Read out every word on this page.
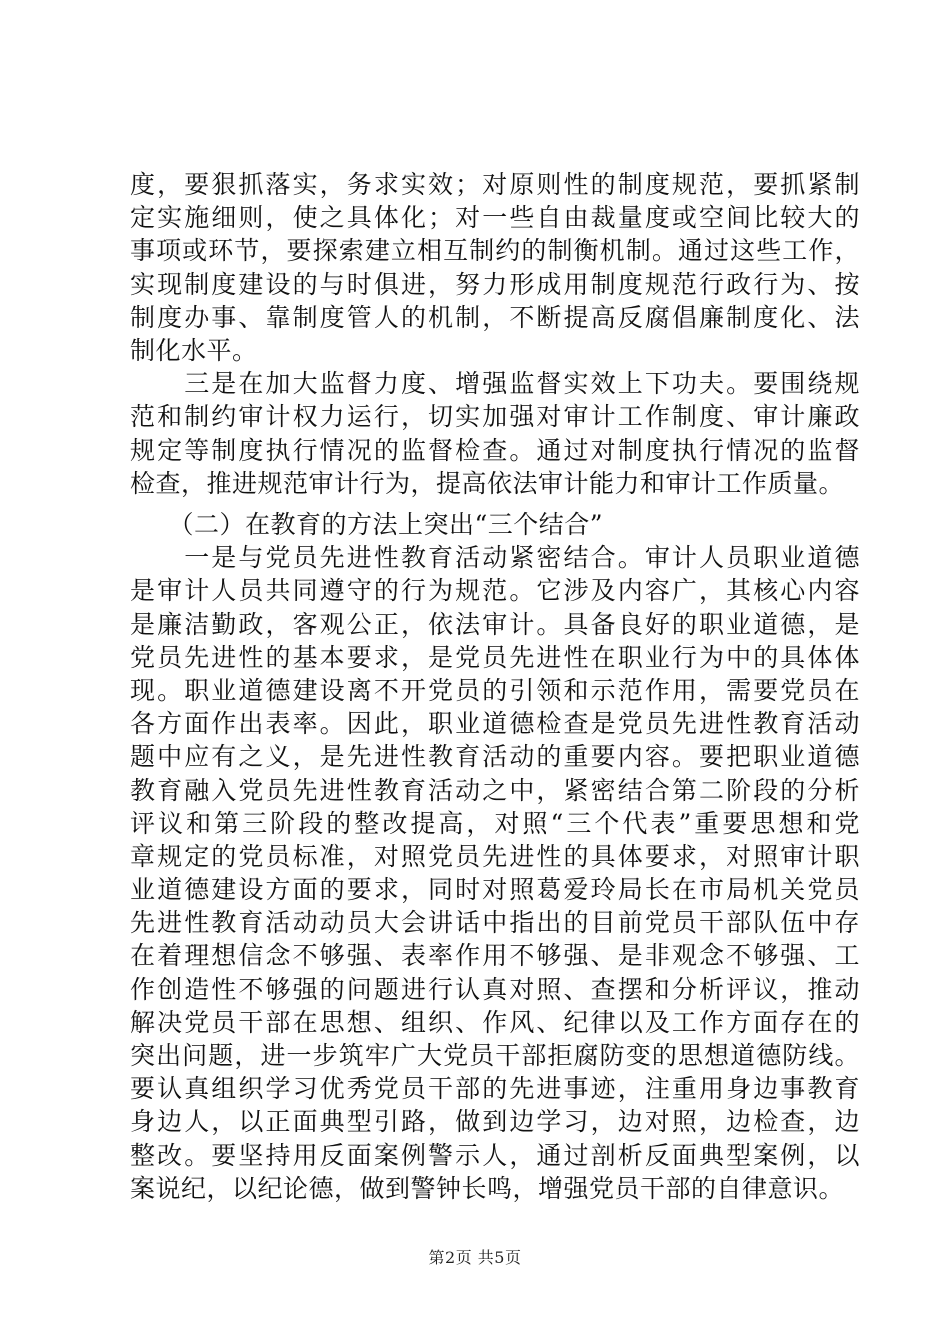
度，要狠抓落实，务求实效；对原则性的制度规范，要抓紧制
定实施细则，使之具体化；对一些自由裁量度或空间比较大的
事项或环节，要探索建立相互制约的制衡机制。通过这些工作，
实现制度建设的与时俱进，努力形成用制度规范行政行为、按
制度办事、靠制度管人的机制，不断提高反腐倡廉制度化、法
制化水平。
　　三是在加大监督力度、增强监督实效上下功夫。要围绕规
范和制约审计权力运行，切实加强对审计工作制度、审计廉政
规定等制度执行情况的监督检查。通过对制度执行情况的监督
检查，推进规范审计行为，提高依法审计能力和审计工作质量。
　　（二）在教育的方法上突出“三个结合”
　　一是与党员先进性教育活动紧密结合。审计人员职业道德
是审计人员共同遵守的行为规范。它涉及内容广，其核心内容
是廉洁勤政，客观公正，依法审计。具备良好的职业道德，是
党员先进性的基本要求，是党员先进性在职业行为中的具体体
现。职业道德建设离不开党员的引领和示范作用，需要党员在
各方面作出表率。因此，职业道德检查是党员先进性教育活动
题中应有之义，是先进性教育活动的重要内容。要把职业道德
教育融入党员先进性教育活动之中，紧密结合第二阶段的分析
评议和第三阶段的整改提高，对照“三个代表”重要思想和党
章规定的党员标准，对照党员先进性的具体要求，对照审计职
业道德建设方面的要求，同时对照葛爱玲局长在市局机关党员
先进性教育活动动员大会讲话中指出的目前党员干部队伍中存
在着理想信念不够强、表率作用不够强、是非观念不够强、工
作创造性不够强的问题进行认真对照、查摆和分析评议，推动
解决党员干部在思想、组织、作风、纪律以及工作方面存在的
突出问题，进一步筑牢广大党员干部拒腐防变的思想道德防线。
要认真组织学习优秀党员干部的先进事迹，注重用身边事教育
身边人，以正面典型引路，做到边学习，边对照，边检查，边
整改。要坚持用反面案例警示人，通过剖析反面典型案例，以
案说纪，以纪论德，做到警钟长鸣，增强党员干部的自律意识。
第2页 共5页
